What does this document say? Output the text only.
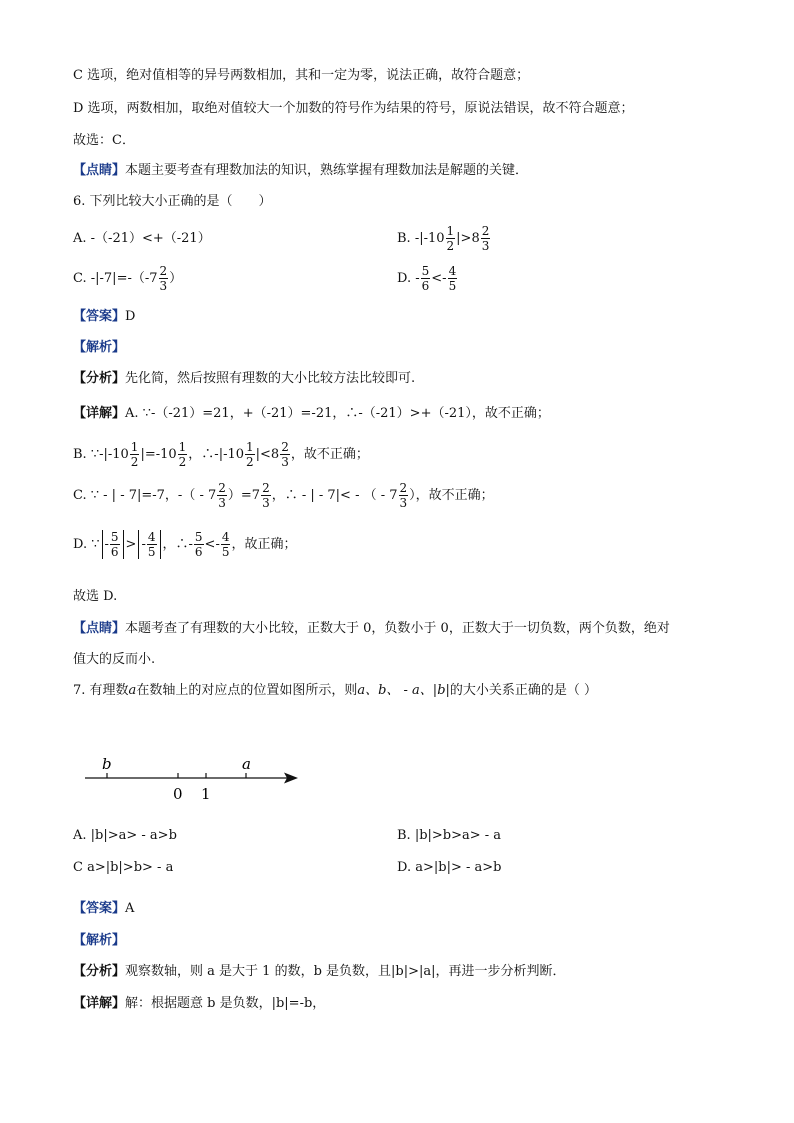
C 选项，绝对值相等的异号两数相加，其和一定为零，说法正确，故符合题意；
D 选项，两数相加，取绝对值较大一个加数的符号作为结果的符号，原说法错误，故不符合题意；
故选：C．
【点睛】本题主要考查有理数加法的知识，熟练掌握有理数加法是解题的关键．
6. 下列比较大小正确的是（　　）
A. -（-21）<+（-21）	B. $-|-10 \frac{1}{2} |>8 \frac{2}{3}$
C. $-|-7|=-(-7 \frac{2}{3}$ ）	D. - $\frac{5}{6} <- \frac{4}{5}$
【答案】D
【解析】
【分析】先化简，然后按照有理数的大小比较方法比较即可.
【详解】A. ∵-（-21）=21，+（-21）=-21，∴-（-21）>+（-21），故不正确；
B. ∵-|-10 $\frac{1}{2} |=-10 \frac{1}{2}$ ，∴-|-10 $\frac{1}{2} |<8 \frac{2}{3}$ ，故不正确；
C. ∵ - | - 7|=-7，-（ - $7 \frac{2}{3} )=7 \frac{2}{3}$ ，∴ - | - 7|< - （ - $7 \frac{2}{3}$ ），故不正确；
D. ∵ - $\frac{5}{6}$ > - $\frac{4}{5}$ ，∴- $\frac{5}{6} <- \frac{4}{5}$ ，故正确；
故选 D.
【点睛】本题考查了有理数的大小比较，正数大于 0，负数小于 0，正数大于一切负数，两个负数，绝对
值大的反而小.
7. 有理数a在数轴上的对应点的位置如图所示，则a、b、 - a、|b|的大小关系正确的是（ ）
b	a
0 1
A. |b|>a> - a>b	B. |b|>b>a> - a
C a>|b|>b> - a	D. a>|b|> - a>b
【答案】A
【解析】
【分析】观察数轴，则 a 是大于 1 的数，b 是负数，且|b|>|a|，再进一步分析判断．
【详解】解：根据题意 b 是负数，|b|=-b，
